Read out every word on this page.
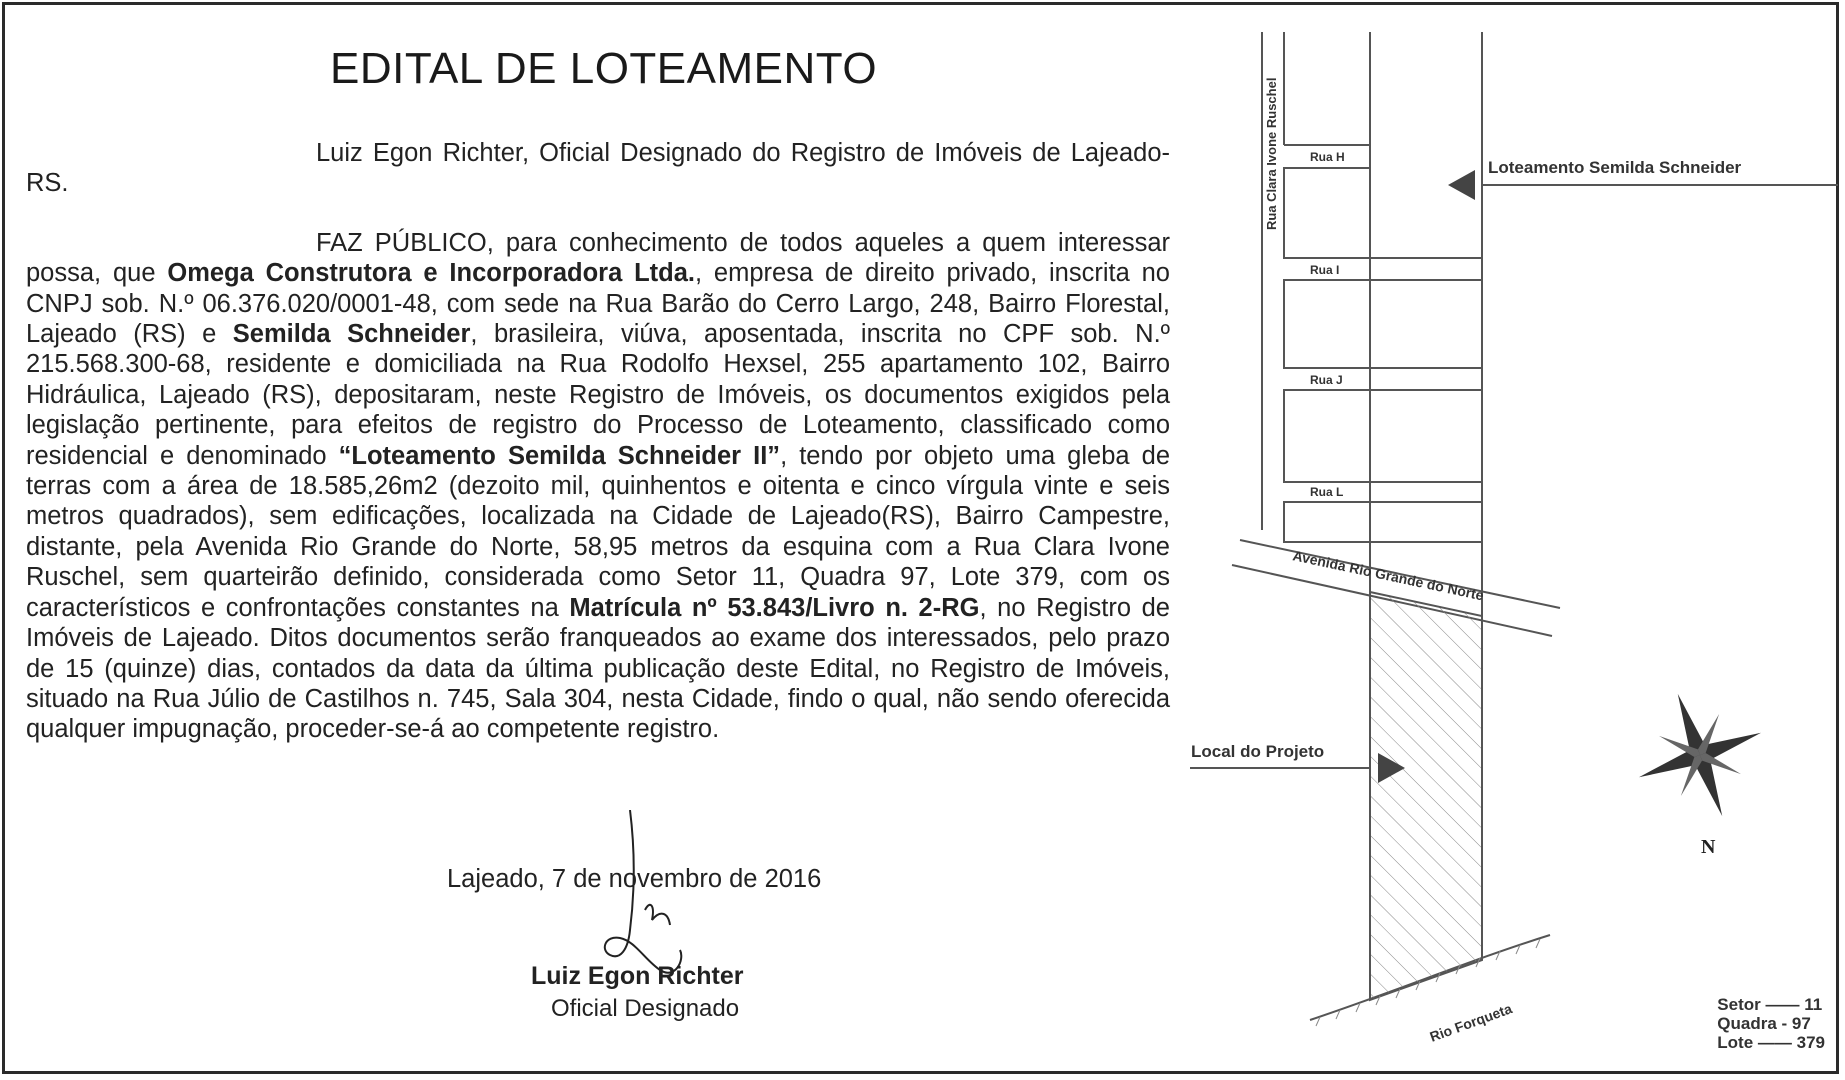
EDITAL DE LOTEAMENTO

Luiz Egon Richter, Oficial Designado do Registro de Imóveis de Lajeado-RS.

FAZ PÚBLICO, para conhecimento de todos aqueles a quem interessar possa, que Omega Construtora e Incorporadora Ltda., empresa de direito privado, inscrita no CNPJ sob. N.º 06.376.020/0001-48, com sede na Rua Barão do Cerro Largo, 248, Bairro Florestal, Lajeado (RS) e Semilda Schneider, brasileira, viúva, aposentada, inscrita no CPF sob. N.º 215.568.300-68, residente e domiciliada na Rua Rodolfo Hexsel, 255 apartamento 102, Bairro Hidráulica, Lajeado (RS), depositaram, neste Registro de Imóveis, os documentos exigidos pela legislação pertinente, para efeitos de registro do Processo de Loteamento, classificado como residencial e denominado “Loteamento Semilda Schneider II”, tendo por objeto uma gleba de terras com a área de 18.585,26m2 (dezoito mil, quinhentos e oitenta e cinco vírgula vinte e seis metros quadrados), sem edificações, localizada na Cidade de Lajeado(RS), Bairro Campestre, distante, pela Avenida Rio Grande do Norte, 58,95 metros da esquina com a Rua Clara Ivone Ruschel, sem quarteirão definido, considerada como Setor 11, Quadra 97, Lote 379, com os característicos e confrontações constantes na Matrícula nº 53.843/Livro n. 2-RG, no Registro de Imóveis de Lajeado. Ditos documentos serão franqueados ao exame dos interessados, pelo prazo de 15 (quinze) dias, contados da data da última publicação deste Edital, no Registro de Imóveis, situado na Rua Júlio de Castilhos n. 745, Sala 304, nesta Cidade, findo o qual, não sendo oferecida qualquer impugnação, proceder-se-á ao competente registro.

Lajeado, 7 de novembro de 2016
Luiz Egon Richter
Oficial Designado
Rua Clara Ivone Ruschel	Rua H
Rua I
Rua J
Rua L
Avenida Rio Grande do Norte
Rio Forqueta
Loteamento Semilda Schneider
Local do Projeto
N
Setor —— 11
Quadra - 97
Lote —— 379
